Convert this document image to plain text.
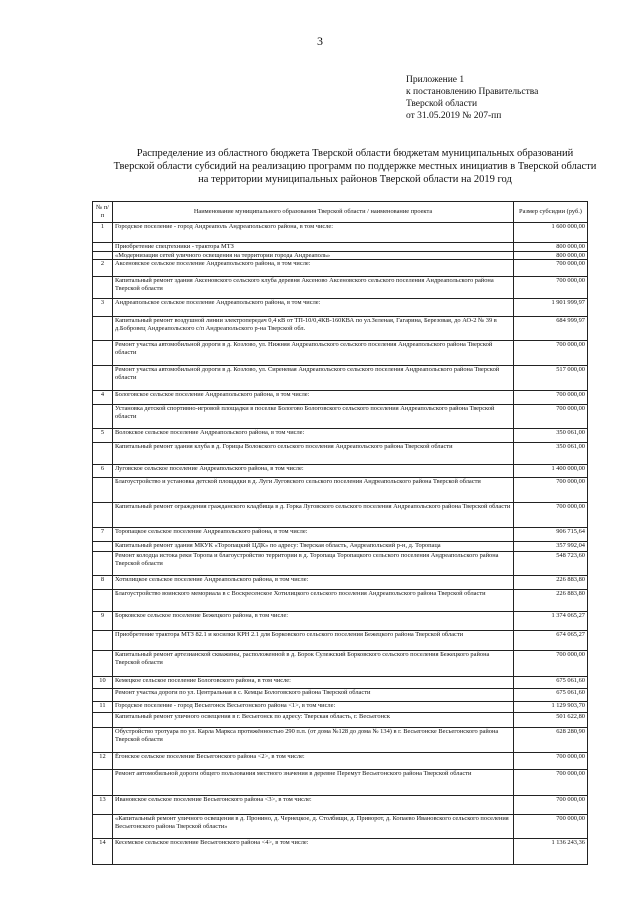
3
Приложение 1
к постановлению Правительства
Тверской области
от 31.05.2019 № 207-пп
Распределение из областного бюджета Тверской области бюджетам муниципальных образований
Тверской области субсидий на реализацию программ по поддержке местных инициатив в Тверской области
на территории муниципальных районов Тверской области на 2019 год
№ п/п	Наименование муниципального образования Тверской области / наименование проекта	Размер субсидии (руб.)
1	Городское поселение - город Андреаполь Андреапольского района, в том числе:	1 600 000,00
	Приобретение спецтехники - трактора МТЗ	800 000,00
	«Модернизация сетей уличного освещения на территории города Андреаполь»	800 000,00
2	Аксеновское сельское поселение Андреапольского района, в том числе:	700 000,00
	Капитальный ремонт здания Аксеновского сельского клуба деревня Аксеново Аксеновского сельского поселения Андреапольского района Тверской области	700 000,00
3	Андреапольское сельское поселение Андреапольского района, в том числе:	1 901 999,97
	Капитальный ремонт воздушной линии электропередач 0,4 кВ от ТП-10/0,4КВ-160КВА по ул.Зеленая, Гагарина, Березовая, до АО-2 № 39 в д.Бобровец Андреапольского с/п Андреапольского р-на Тверской обл.	684 999,97
	Ремонт участка автомобильной дороги в д. Козлово, ул. Нижняя Андреапольского сельского поселения Андреапольского района Тверской области	700 000,00
	Ремонт участка автомобильной дороги в д. Козлово, ул. Сиреневая Андреапольского сельского поселения Андреапольского района Тверской области	517 000,00
4	Бологовское сельское поселение Андреапольского района, в том числе:	700 000,00
	Установка детской спортивно-игровой площадки в поселке Бологово Бологовского сельского поселения Андреапольского района Тверской области	700 000,00
5	Волокское сельское поселение Андреапольского района, в том числе:	350 061,00
	Капитальный ремонт здания клуба в д. Горицы Волокского сельского поселения Андреапольского района Тверской области	350 061,00
6	Луговское сельское поселение Андреапольского района, в том числе:	1 400 000,00
	Благоустройство и установка детской площадки в д. Луги Луговского сельского поселения Андреапольского района Тверской области	700 000,00
	Капитальный ремонт ограждения гражданского кладбища в д. Горка Луговского сельского поселения Андреапольского района Тверской области	700 000,00
7	Торопацкое сельское поселение Андреапольского района, в том числе:	906 715,64
	Капитальный ремонт здания МКУК «Торопацкий ЦДК» по адресу: Тверская область, Андреапольский р-н, д. Торопаца	357 992,04
	Ремонт колодца истока реки Торопа и благоустройство территории в д. Торопаца Торопацкого сельского поселения Андреапольского района Тверской области	548 723,60
8	Хотилицкое сельское поселение Андреапольского района, в том числе:	226 883,80
	Благоустройство воинского мемориала в с Воскресенское Хотилицкого сельского поселения Андреапольского района Тверской области	226 883,80
9	Борковское сельское поселение Бежецкого района, в том числе:	1 374 065,27
	Приобретение трактора МТЗ 82.1 и косилки КРН 2.1 для Борковского сельского поселения Бежецкого района Тверской области	674 065,27
	Капитальный ремонт артезианской скважины, расположенной в д. Борок Сулежский Борковского сельского поселения Бежецкого района Тверской области	700 000,00
10	Кемецкое сельское поселение Бологовского района, в том числе:	675 061,60
	Ремонт участка дороги по ул. Центральная в с. Кемцы Бологовского района Тверской области	675 061,60
11	Городское поселение - город Весьегонск Весьегонского района <1>, в том числе:	1 129 903,70
	Капитальный ремонт уличного освещения в г. Весьегонск по адресу: Тверская область, г. Весьегонск	501 622,80
	Обустройство тротуара по ул. Карла Маркса протяжённостью 290 п.п. (от дома №128 до дома № 134) в г. Весьегонске Весьегонского района Тверской области	628 280,90
12	Ёгонское сельское поселение Весьегонского района <2>, в том числе:	700 000,00
	Ремонт автомобильной дороги общего пользования местного значения в деревне Перемут Весьегонского района Тверской области	700 000,00
13	Ивановское сельское поселение Весьегонского района <3>, в том числе:	700 000,00
	«Капитальный ремонт уличного освещения в д. Пронино, д. Чернецкое, д. Столбищи, д. Приворот, д. Копаево Ивановского сельского поселения Весьегонского района Тверской области»	700 000,00
14	Кесемское сельское поселение Весьегонского района <4>, в том числе:	1 136 243,36
